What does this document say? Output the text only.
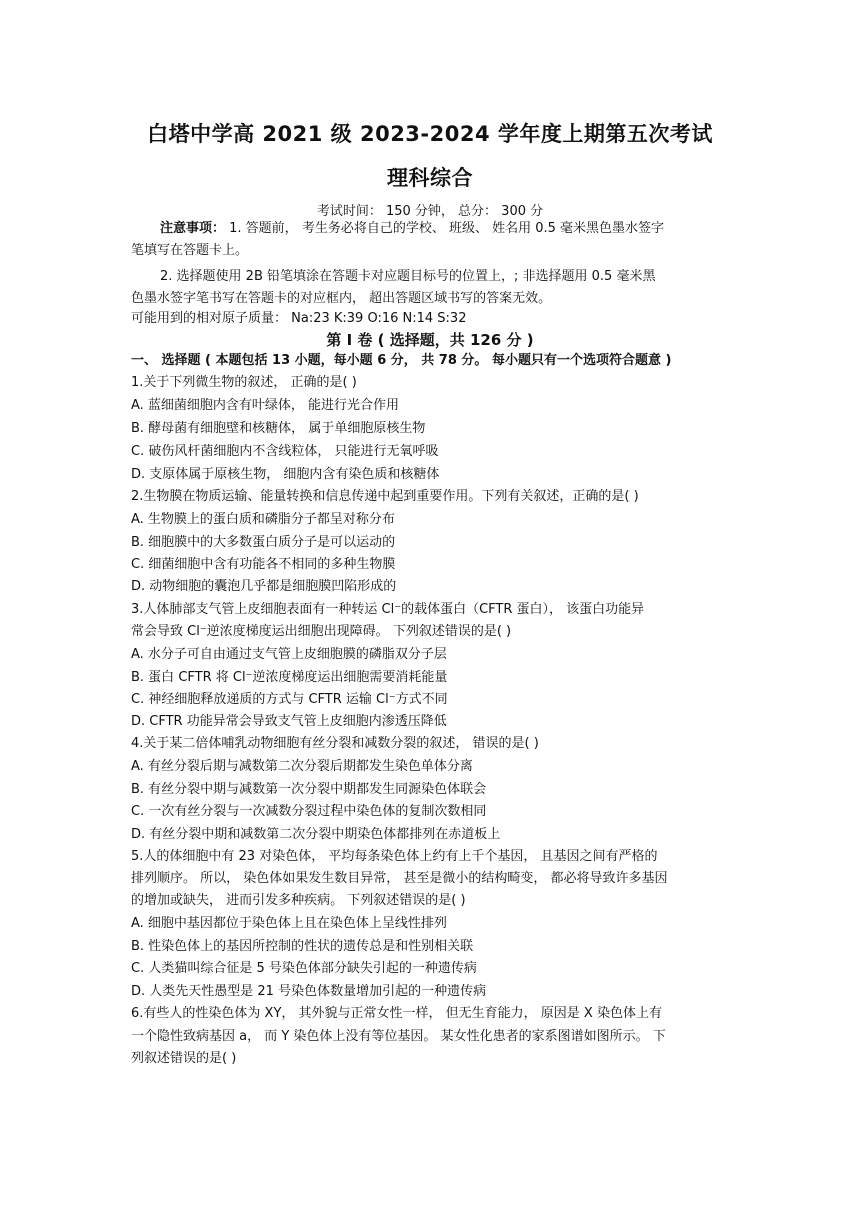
白塔中学高 2021 级 2023-2024 学年度上期第五次考试
理科综合
考试时间： 150 分钟， 总分： 300 分
注意事项： 1. 答题前， 考生务必将自己的学校、 班级、 姓名用 0.5 毫米黑色墨水签字
笔填写在答题卡上。
2. 选择题使用 2B 铅笔填涂在答题卡对应题目标号的位置上，; 非选择题用 0.5 毫米黑
色墨水签字笔书写在答题卡的对应框内， 超出答题区域书写的答案无效。
可能用到的相对原子质量： Na:23 K:39 O:16 N:14 S:32
第 Ⅰ 卷 ( 选择题，共 126 分 )
一、 选择题 ( 本题包括 13 小题，每小题 6 分， 共 78 分。 每小题只有一个选项符合题意 )
1.关于下列微生物的叙述， 正确的是( )
A. 蓝细菌细胞内含有叶绿体， 能进行光合作用
B. 酵母菌有细胞壁和核糖体， 属于单细胞原核生物
C. 破伤风杆菌细胞内不含线粒体， 只能进行无氧呼吸
D. 支原体属于原核生物， 细胞内含有染色质和核糖体
2.生物膜在物质运输、能量转换和信息传递中起到重要作用。下列有关叙述，正确的是( )
A. 生物膜上的蛋白质和磷脂分子都呈对称分布
B. 细胞膜中的大多数蛋白质分子是可以运动的
C. 细菌细胞中含有功能各不相同的多种生物膜
D. 动物细胞的囊泡几乎都是细胞膜凹陷形成的
3.人体肺部支气管上皮细胞表面有一种转运 Cl⁻的载体蛋白（CFTR 蛋白）， 该蛋白功能异
常会导致 Cl⁻逆浓度梯度运出细胞出现障碍。 下列叙述错误的是( )
A. 水分子可自由通过支气管上皮细胞膜的磷脂双分子层
B. 蛋白 CFTR 将 Cl⁻逆浓度梯度运出细胞需要消耗能量
C. 神经细胞释放递质的方式与 CFTR 运输 Cl⁻方式不同
D. CFTR 功能异常会导致支气管上皮细胞内渗透压降低
4.关于某二倍体哺乳动物细胞有丝分裂和减数分裂的叙述， 错误的是( )
A. 有丝分裂后期与减数第二次分裂后期都发生染色单体分离
B. 有丝分裂中期与减数第一次分裂中期都发生同源染色体联会
C. 一次有丝分裂与一次减数分裂过程中染色体的复制次数相同
D. 有丝分裂中期和减数第二次分裂中期染色体都排列在赤道板上
5.人的体细胞中有 23 对染色体， 平均每条染色体上约有上千个基因， 且基因之间有严格的
排列顺序。 所以， 染色体如果发生数目异常， 甚至是微小的结构畸变， 都必将导致许多基因
的增加或缺失， 进而引发多种疾病。 下列叙述错误的是( )
A. 细胞中基因都位于染色体上且在染色体上呈线性排列
B. 性染色体上的基因所控制的性状的遗传总是和性别相关联
C. 人类猫叫综合征是 5 号染色体部分缺失引起的一种遗传病
D. 人类先天性愚型是 21 号染色体数量增加引起的一种遗传病
6.有些人的性染色体为 XY， 其外貌与正常女性一样， 但无生育能力， 原因是 X 染色体上有
一个隐性致病基因 a， 而 Y 染色体上没有等位基因。 某女性化患者的家系图谱如图所示。 下
列叙述错误的是( )
